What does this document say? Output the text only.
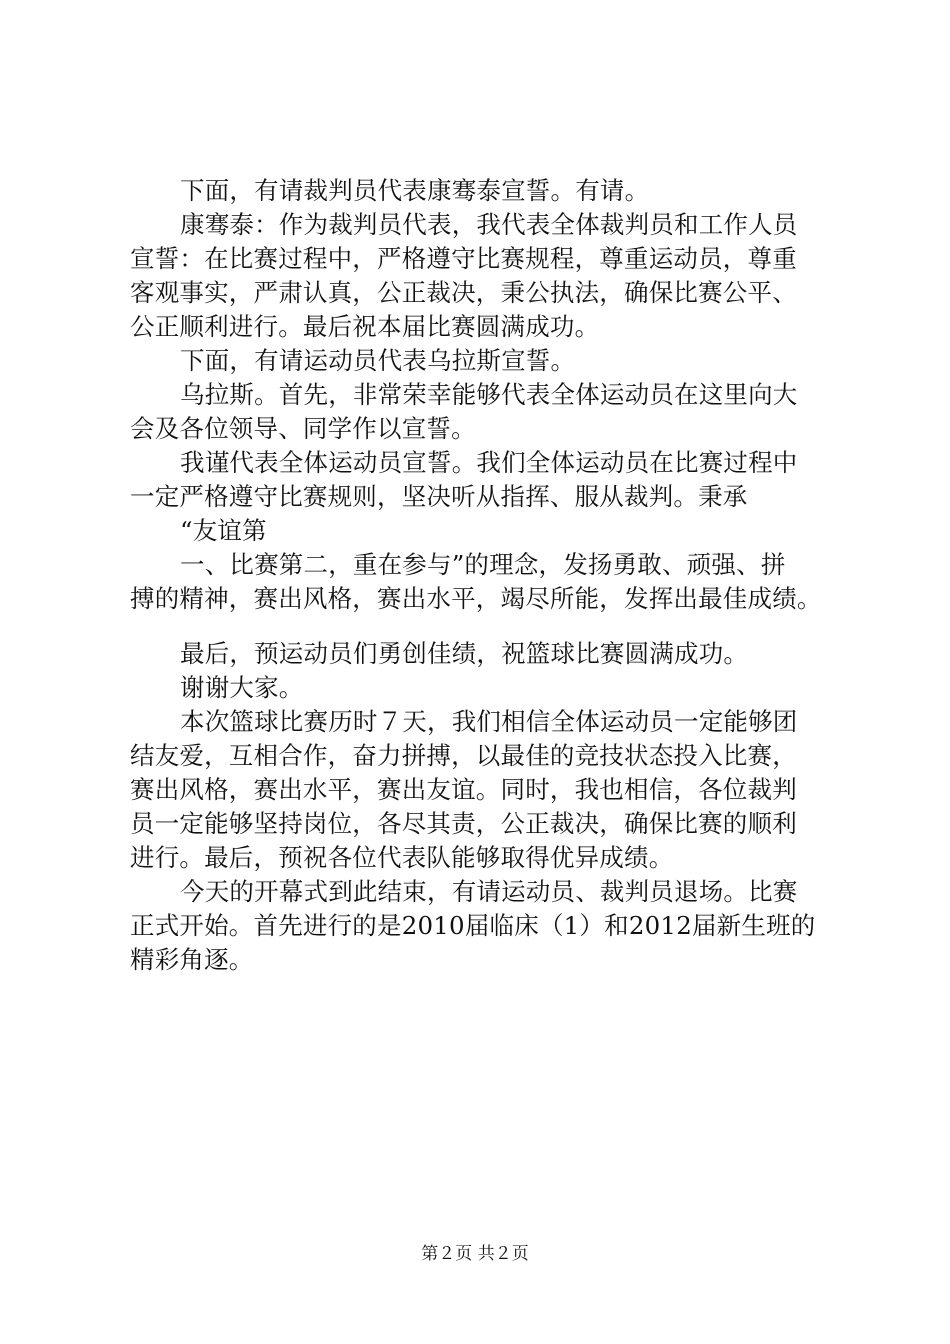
下面，有请裁判员代表康骞泰宣誓。有请。
康骞泰：作为裁判员代表，我代表全体裁判员和工作人员
宣誓：在比赛过程中，严格遵守比赛规程，尊重运动员，尊重
客观事实，严肃认真，公正裁决，秉公执法，确保比赛公平、
公正顺利进行。最后祝本届比赛圆满成功。
下面，有请运动员代表乌拉斯宣誓。
乌拉斯。首先，非常荣幸能够代表全体运动员在这里向大
会及各位领导、同学作以宣誓。
我谨代表全体运动员宣誓。我们全体运动员在比赛过程中
一定严格遵守比赛规则，坚决听从指挥、服从裁判。秉承
“友谊第
一、比赛第二，重在参与”的理念，发扬勇敢、顽强、拼
搏的精神，赛出风格，赛出水平，竭尽所能，发挥出最佳成绩。
最后，预运动员们勇创佳绩，祝篮球比赛圆满成功。
谢谢大家。
本次篮球比赛历时７天，我们相信全体运动员一定能够团
结友爱，互相合作，奋力拼搏，以最佳的竞技状态投入比赛，
赛出风格，赛出水平，赛出友谊。同时，我也相信，各位裁判
员一定能够坚持岗位，各尽其责，公正裁决，确保比赛的顺利
进行。最后，预祝各位代表队能够取得优异成绩。
今天的开幕式到此结束，有请运动员、裁判员退场。比赛
正式开始。首先进行的是2010届临床（1）和2012届新生班的
精彩角逐。
第２页 共２页
